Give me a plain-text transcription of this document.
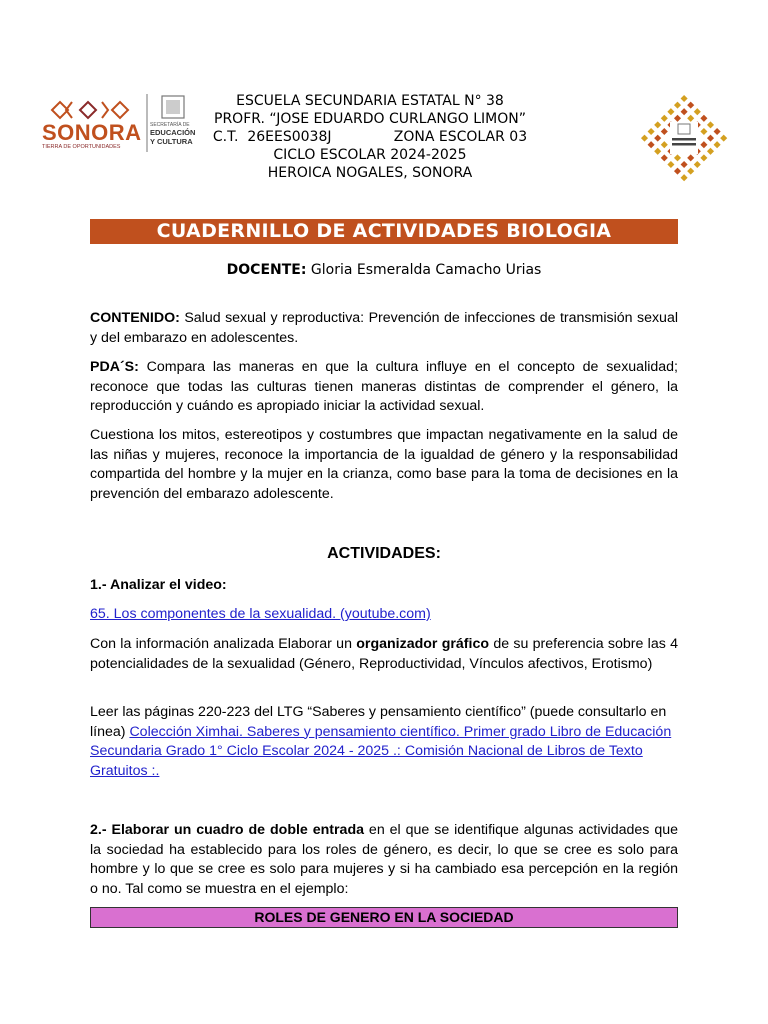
SONORA
TIERRA DE OPORTUNIDADES
SECRETARÍA DE
EDUCACIÓN
Y CULTURA
ESCUELA SECUNDARIA ESTATAL N° 38
PROFR. “JOSE EDUARDO CURLANGO LIMON”
C.T.  26EES0038J              ZONA ESCOLAR 03
CICLO ESCOLAR 2024-2025
HEROICA NOGALES, SONORA
CUADERNILLO DE ACTIVIDADES BIOLOGIA
DOCENTE: Gloria Esmeralda Camacho Urias
CONTENIDO: Salud sexual y reproductiva: Prevención de infecciones de transmisión sexual y del embarazo en adolescentes.
PDA´S: Compara las maneras en que la cultura influye en el concepto de sexualidad; reconoce que todas las culturas tienen maneras distintas de comprender el género, la reproducción y cuándo es apropiado iniciar la actividad sexual.
Cuestiona los mitos, estereotipos y costumbres que impactan negativamente en la salud de las niñas y mujeres, reconoce la importancia de la igualdad de género y la responsabilidad compartida del hombre y la mujer en la crianza, como base para la toma de decisiones en la prevención del embarazo adolescente.
ACTIVIDADES:
1.- Analizar el video:
65. Los componentes de la sexualidad. (youtube.com)
Con la información analizada Elaborar un organizador gráfico de su preferencia sobre las 4 potencialidades de la sexualidad (Género, Reproductividad, Vínculos afectivos, Erotismo)
Leer las páginas 220-223 del LTG “Saberes y pensamiento científico” (puede consultarlo en línea) Colección Ximhai. Saberes y pensamiento científico. Primer grado Libro de Educación Secundaria Grado 1° Ciclo Escolar 2024 - 2025 .: Comisión Nacional de Libros de Texto Gratuitos :.
2.- Elaborar un cuadro de doble entrada en el que se identifique algunas actividades que la sociedad ha establecido para los roles de género, es decir, lo que se cree es solo para hombre y lo que se cree es solo para mujeres y si ha cambiado esa percepción en la región o no. Tal como se muestra en el ejemplo:
ROLES DE GENERO EN LA SOCIEDAD
